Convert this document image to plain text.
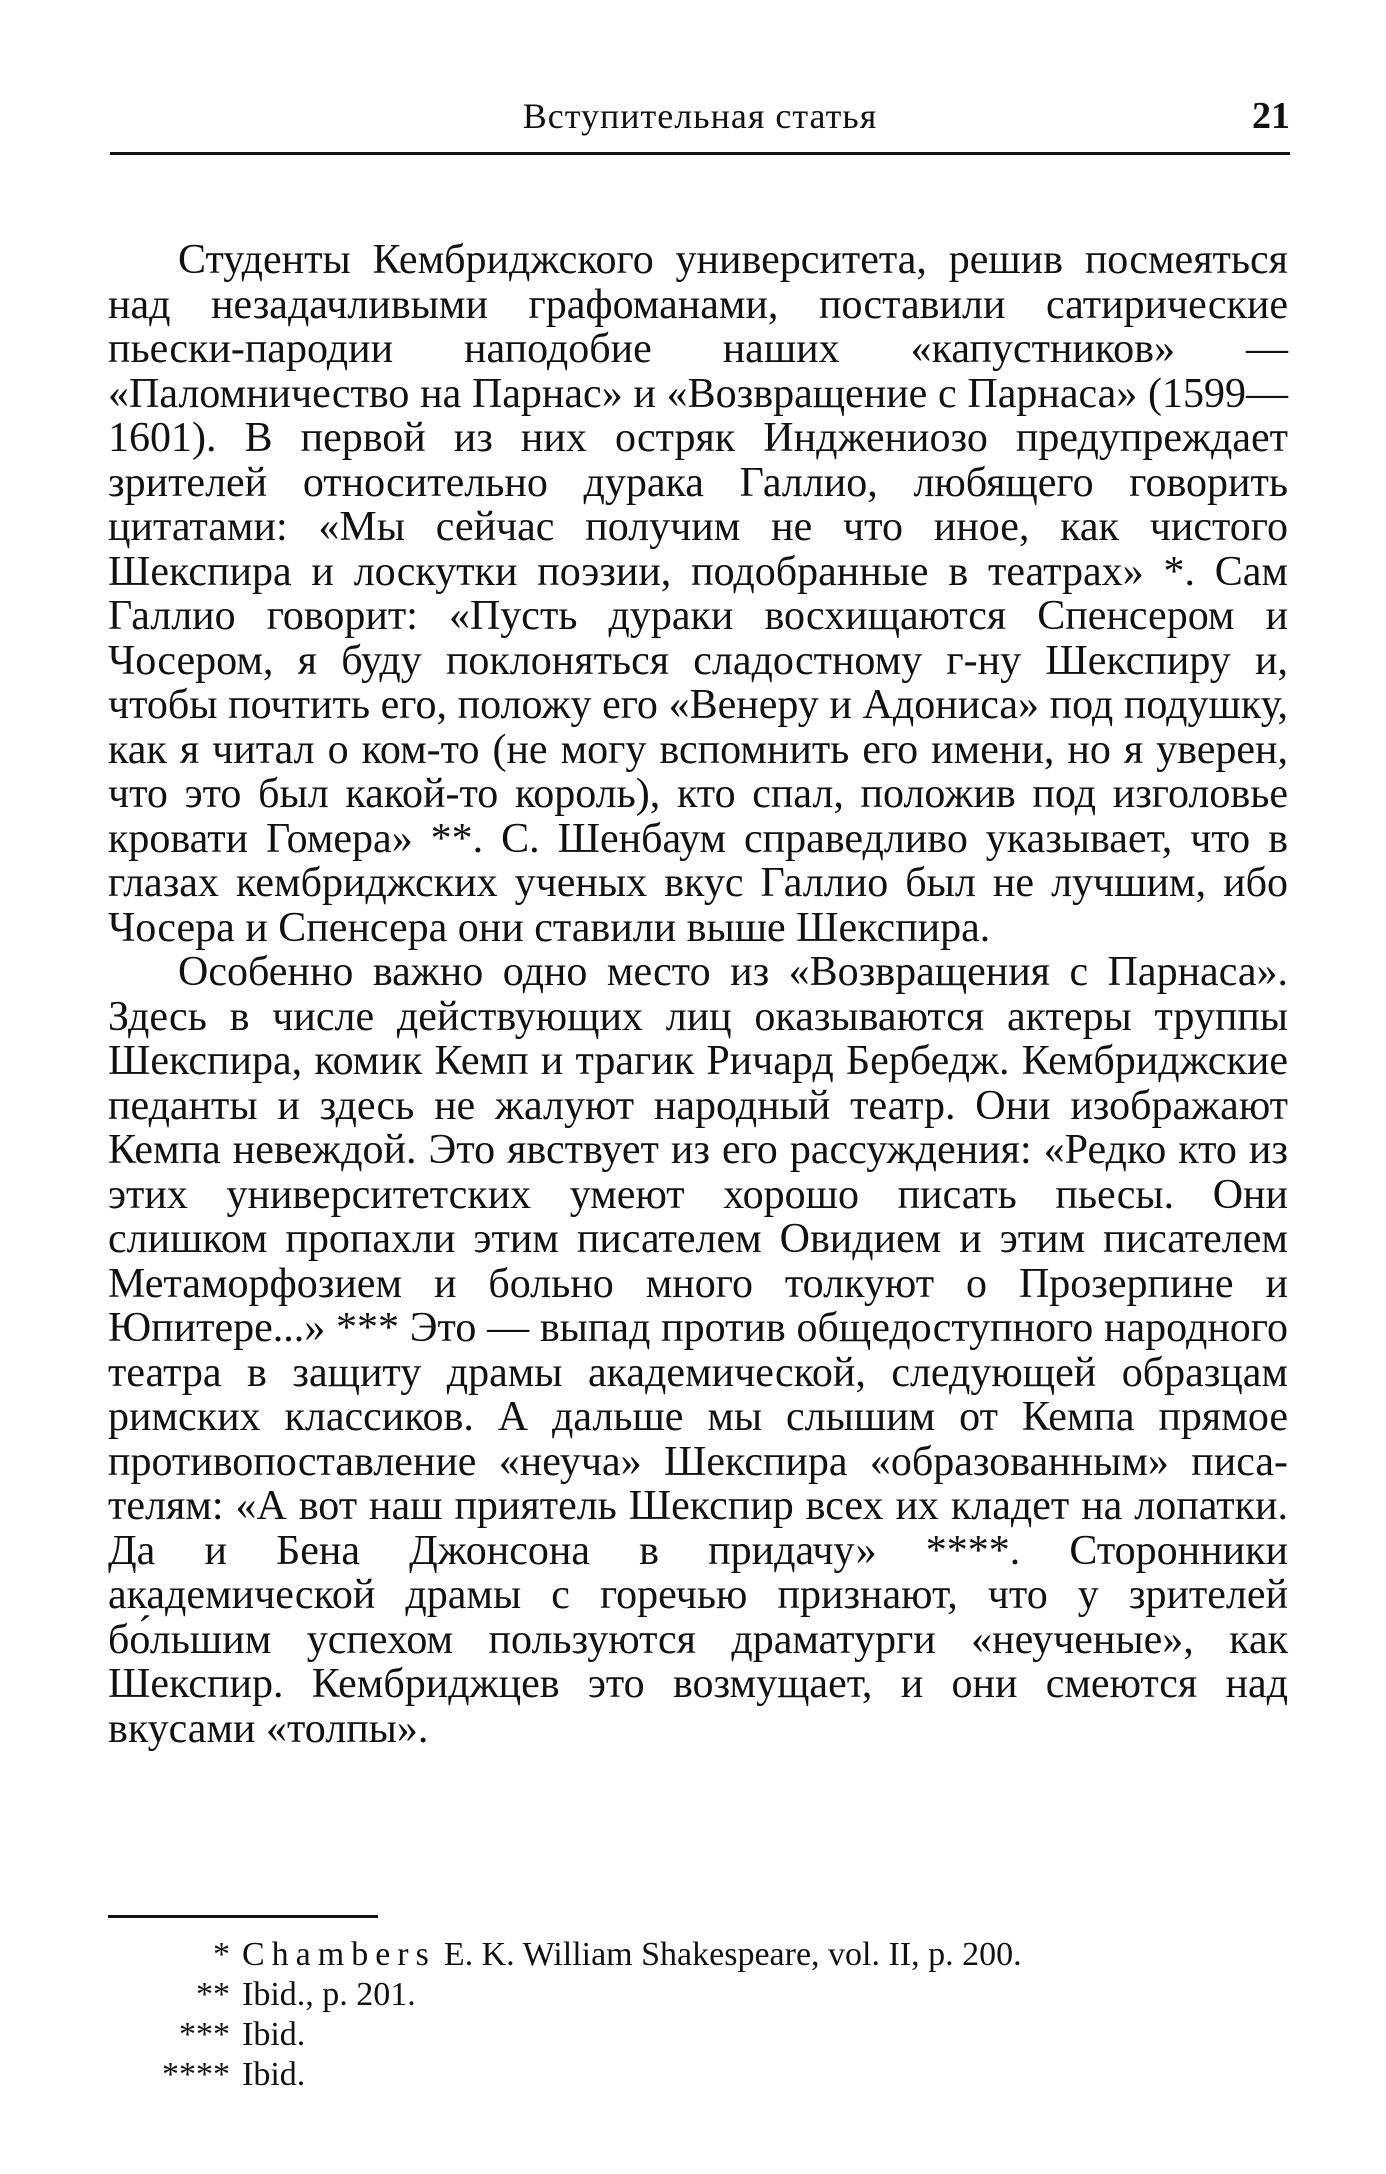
Вступительная статья	21

Студенты Кембриджского университета, решив посмеяться над незадачливыми графоманами, поставили сатирические пьески-пародии наподобие наших «капустников» — «Паломничество на Парнас» и «Возвращение с Парнаса» (1599—1601). В первой из них остряк Инджениозо предупреждает зрителей относительно дурака Галлио, любящего говорить цитатами: «Мы сейчас получим не что иное, как чистого Шекспира и лоскутки поэзии, подобранные в театрах» *. Сам Галлио говорит: «Пусть дураки восхищаются Спенсером и Чосером, я буду поклоняться сладостному г-ну Шекспиру и, чтобы почтить его, положу его «Венеру и Адониса» под подушку, как я читал о ком-то (не могу вспомнить его имени, но я уверен, что это был какой-то король), кто спал, положив под изголовье кровати Гомера» **. С. Шенбаум справедливо указывает, что в глазах кембриджских ученых вкус Галлио был не лучшим, ибо Чосера и Спенсера они ставили выше Шекспира.

Особенно важно одно место из «Возвращения с Парнаса». Здесь в числе действующих лиц оказываются актеры труппы Шекспира, комик Кемп и трагик Ричард Бербедж. Кембриджские педанты и здесь не жалуют народный театр. Они изображают Кемпа невеждой. Это явствует из его рассуждения: «Редко кто из этих университетских умеют хорошо писать пьесы. Они слишком пропахли этим писателем Овидием и этим писателем Метаморфозием и больно много толкуют о Прозерпине и Юпитере...» *** Это — выпад против общедоступного народного театра в защиту драмы академической, следующей образцам римских классиков. А дальше мы слышим от Кемпа прямое противопоставление «неуча» Шекспира «образованным» писателям: «А вот наш приятель Шекспир всех их кладет на лопатки. Да и Бена Джонсона в придачу» ****. Сторонники академической драмы с горечью признают, что у зрителей бо́льшим успехом пользуются драматурги «неученые», как Шекспир. Кембриджцев это возмущает, и они смеются над вкусами «толпы».

* Chambers E. K. William Shakespeare, vol. II, p. 200.
** Ibid., p. 201.
*** Ibid.
**** Ibid.
